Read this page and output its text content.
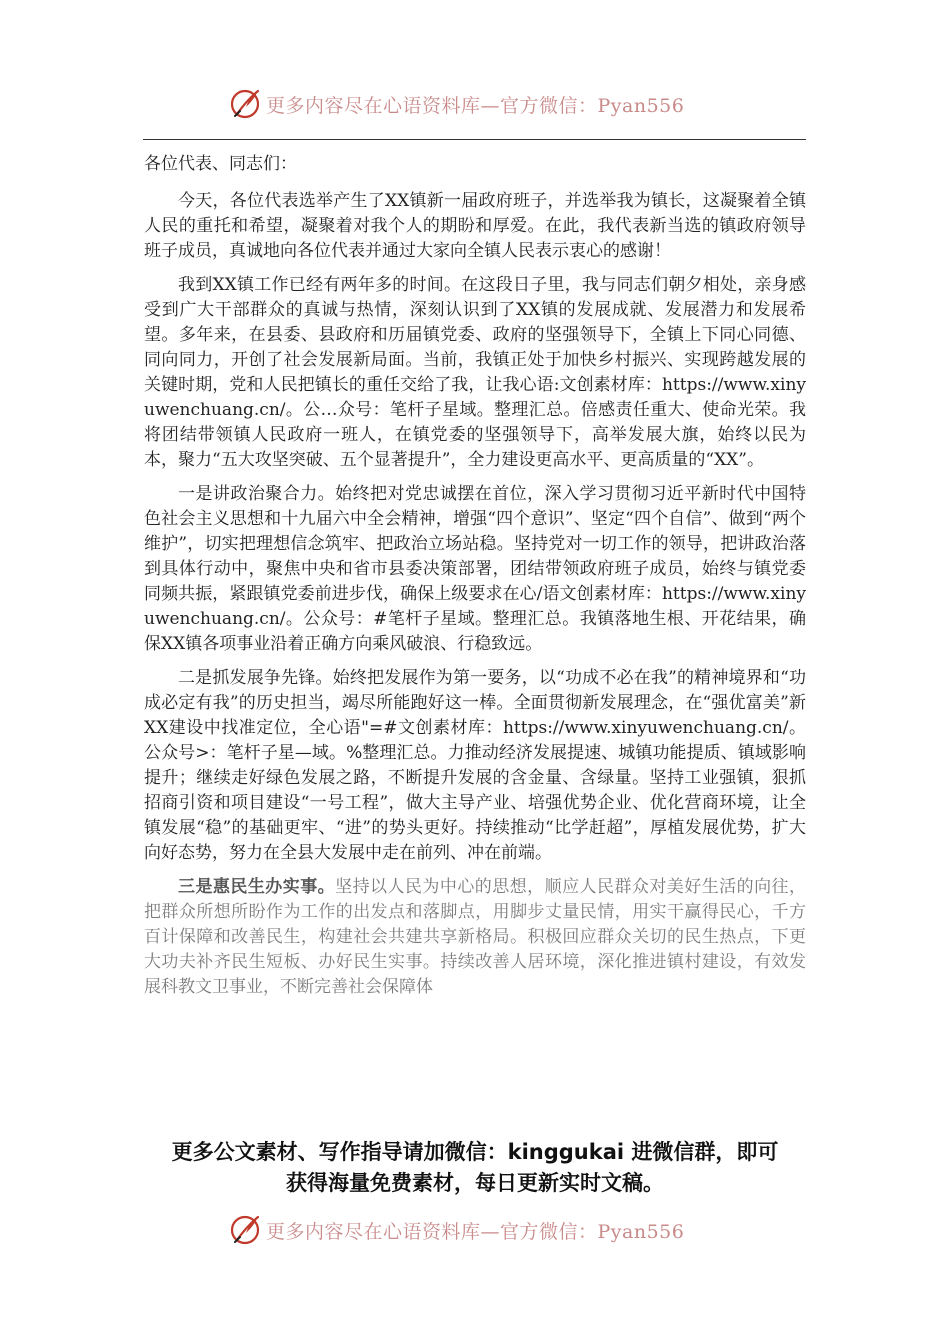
更多内容尽在心语资料库—官方微信：Pyan556

各位代表、同志们：

今天，各位代表选举产生了XX镇新一届政府班子，并选举我为镇长，这凝聚着全镇人民的重托和希望，凝聚着对我个人的期盼和厚爱。在此，我代表新当选的镇政府领导班子成员，真诚地向各位代表并通过大家向全镇人民表示衷心的感谢！

我到XX镇工作已经有两年多的时间。在这段日子里，我与同志们朝夕相处，亲身感受到广大干部群众的真诚与热情，深刻认识到了XX镇的发展成就、发展潜力和发展希望。多年来，在县委、县政府和历届镇党委、政府的坚强领导下，全镇上下同心同德、同向同力，开创了社会发展新局面。当前，我镇正处于加快乡村振兴、实现跨越发展的关键时期，党和人民把镇长的重任交给了我，让我心语:文创素材库：https://www.xinyuwenchuang.cn/。公…众号：笔杆子星域。整理汇总。倍感责任重大、使命光荣。我将团结带领镇人民政府一班人，在镇党委的坚强领导下，高举发展大旗，始终以民为本，聚力“五大攻坚突破、五个显著提升”，全力建设更高水平、更高质量的“XX”。

一是讲政治聚合力。始终把对党忠诚摆在首位，深入学习贯彻习近平新时代中国特色社会主义思想和十九届六中全会精神，增强“四个意识”、坚定“四个自信”、做到“两个维护”，切实把理想信念筑牢、把政治立场站稳。坚持党对一切工作的领导，把讲政治落到具体行动中，聚焦中央和省市县委决策部署，团结带领政府班子成员，始终与镇党委同频共振，紧跟镇党委前进步伐，确保上级要求在心/语文创素材库：https://www.xinyuwenchuang.cn/。公众号：#笔杆子星域。整理汇总。我镇落地生根、开花结果，确保XX镇各项事业沿着正确方向乘风破浪、行稳致远。

二是抓发展争先锋。始终把发展作为第一要务，以“功成不必在我”的精神境界和“功成必定有我”的历史担当，竭尽所能跑好这一棒。全面贯彻新发展理念，在“强优富美”新XX建设中找准定位，全心语"=#文创素材库：https://www.xinyuwenchuang.cn/。公众号>：笔杆子星—域。%整理汇总。力推动经济发展提速、城镇功能提质、镇域影响提升；继续走好绿色发展之路，不断提升发展的含金量、含绿量。坚持工业强镇，狠抓招商引资和项目建设“一号工程”，做大主导产业、培强优势企业、优化营商环境，让全镇发展“稳”的基础更牢、“进”的势头更好。持续推动“比学赶超”，厚植发展优势，扩大向好态势，努力在全县大发展中走在前列、冲在前端。

三是惠民生办实事。坚持以人民为中心的思想，顺应人民群众对美好生活的向往，把群众所想所盼作为工作的出发点和落脚点，用脚步丈量民情，用实干赢得民心，千方百计保障和改善民生，构建社会共建共享新格局。积极回应群众关切的民生热点，下更大功夫补齐民生短板、办好民生实事。持续改善人居环境，深化推进镇村建设，有效发展科教文卫事业，不断完善社会保障体

更多公文素材、写作指导请加微信：kinggukai 进微信群，即可
获得海量免费素材，每日更新实时文稿。
更多内容尽在心语资料库—官方微信：Pyan556
